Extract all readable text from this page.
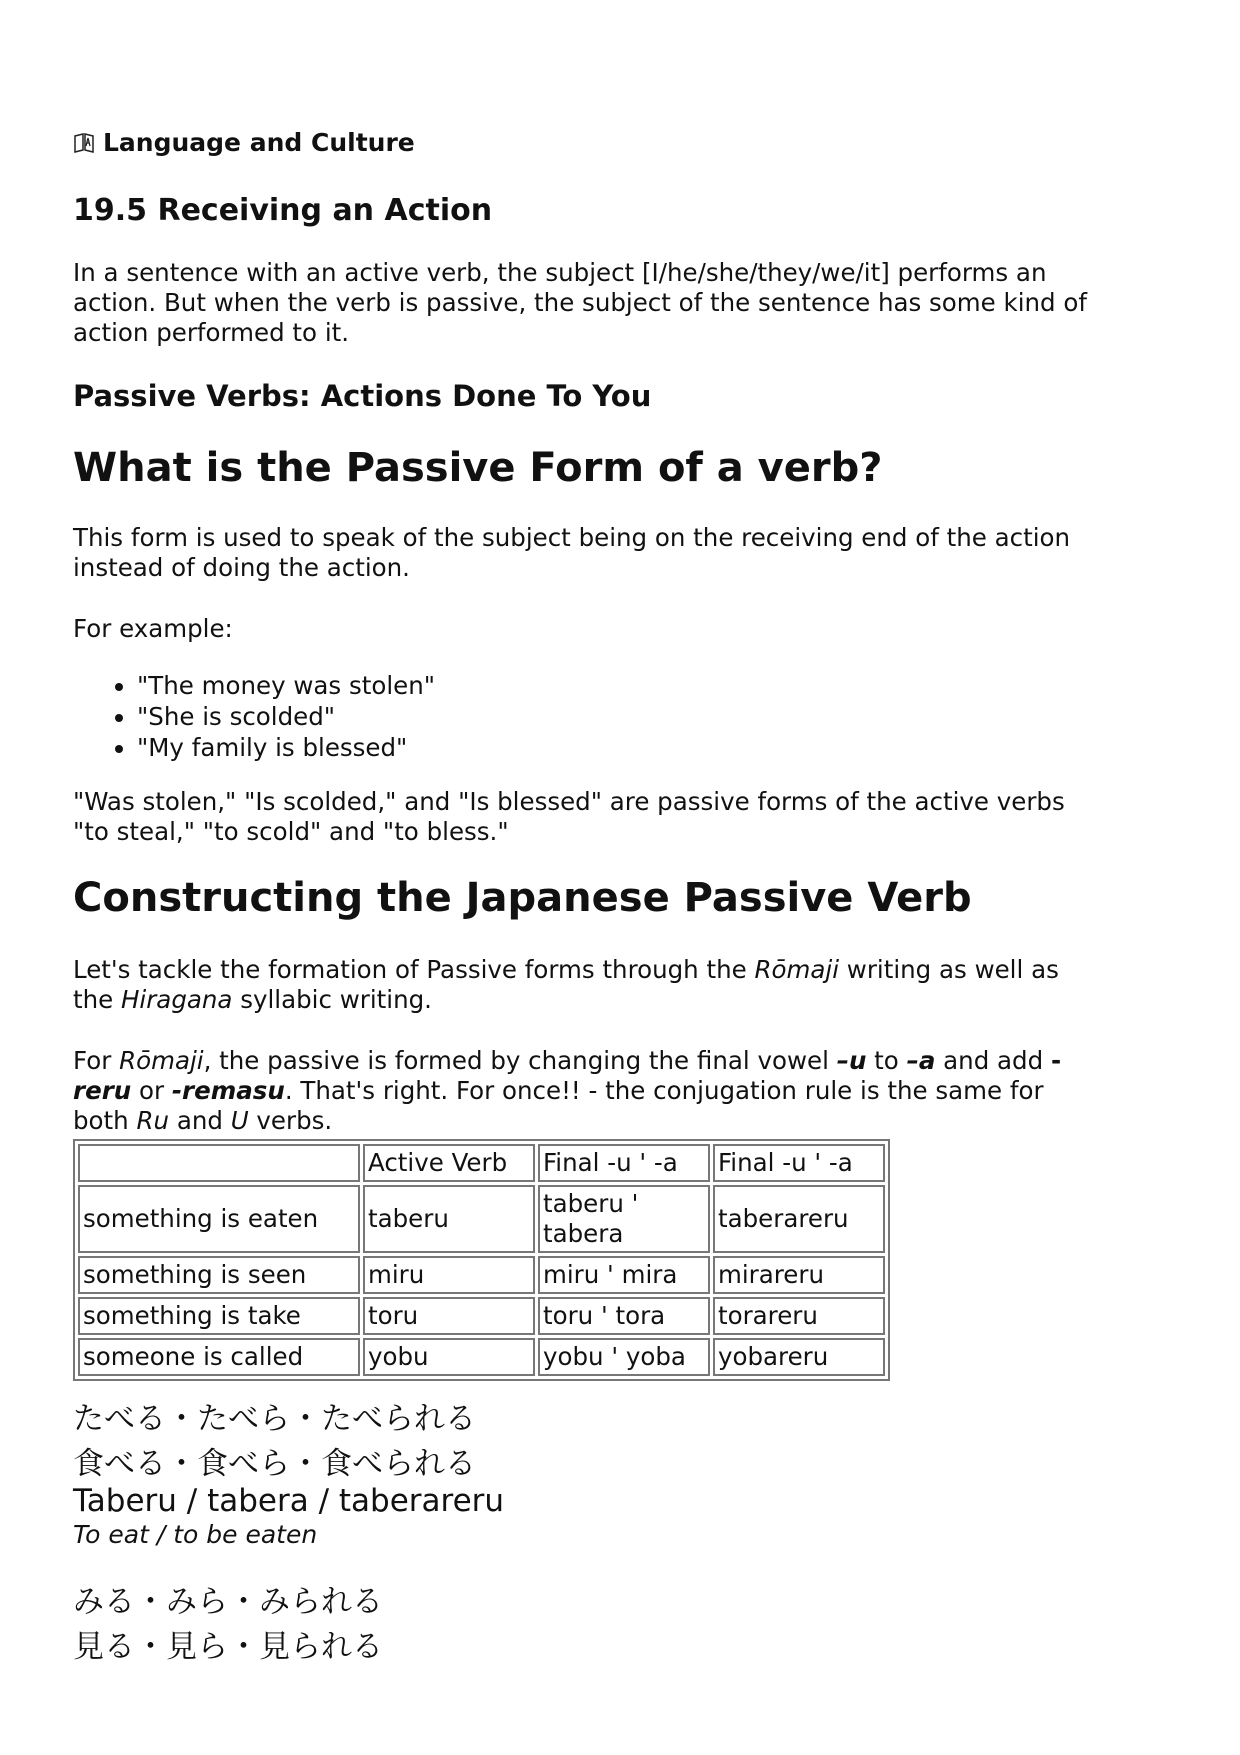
Language and Culture
19.5 Receiving an Action

In a sentence with an active verb, the subject [I/he/she/they/we/it] performs an
action. But when the verb is passive, the subject of the sentence has some kind of
action performed to it.

Passive Verbs: Actions Done To You
What is the Passive Form of a verb?

This form is used to speak of the subject being on the receiving end of the action
instead of doing the action.

For example:

• "The money was stolen"
• "She is scolded"
• "My family is blessed"

"Was stolen," "Is scolded," and "Is blessed" are passive forms of the active verbs
"to steal," "to scold" and "to bless."

Constructing the Japanese Passive Verb

Let's tackle the formation of Passive forms through the Rōmaji writing as well as
the Hiragana syllabic writing.

For Rōmaji, the passive is formed by changing the final vowel –u to –a and add -
reru or -remasu. That's right. For once!! - the conjugation rule is the same for
both Ru and U verbs.

	Active Verb	Final -u ' -a	Final -u ' -a
something is eaten	taberu	taberu ' tabera	taberareru
something is seen	miru	miru ' mira	mirareru
something is take	toru	toru ' tora	torareru
someone is called	yobu	yobu ' yoba	yobareru

たべる・たべら・たべられる

食べる・食べら・食べられる

Taberu / tabera / taberareru

To eat / to be eaten

みる・みら・みられる

見る・見ら・見られる
